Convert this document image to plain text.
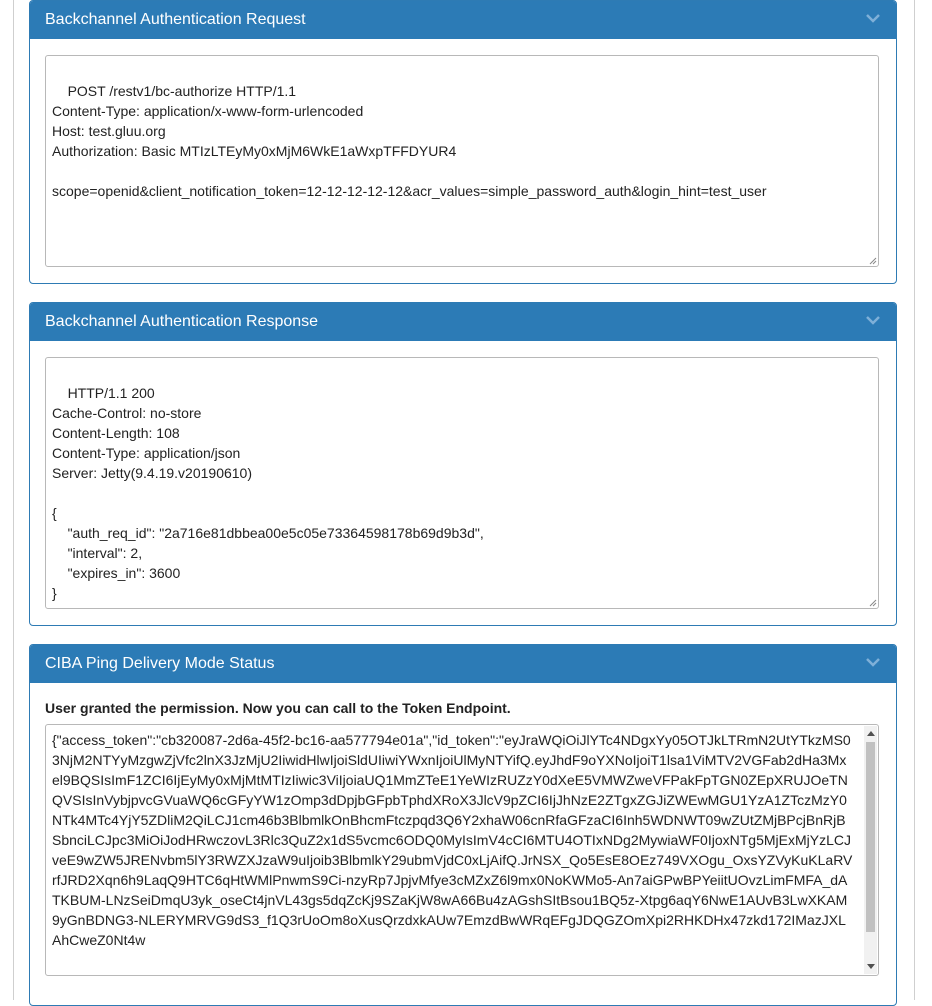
Backchannel Authentication Request

POST /restv1/bc-authorize HTTP/1.1
Content-Type: application/x-www-form-urlencoded
Host: test.gluu.org
Authorization: Basic MTIzLTEyMy0xMjM6WkE1aWxpTFFDYUR4

scope=openid&client_notification_token=12-12-12-12-12&acr_values=simple_password_auth&login_hint=test_user

Backchannel Authentication Response

HTTP/1.1 200
Cache-Control: no-store
Content-Length: 108
Content-Type: application/json
Server: Jetty(9.4.19.v20190610)

{
"auth_req_id": "2a716e81dbbea00e5c05e73364598178b69d9b3d",
"interval": 2,
"expires_in": 3600
}

CIBA Ping Delivery Mode Status
User granted the permission. Now you can call to the Token Endpoint.
{"access_token":"cb320087-2d6a-45f2-bc16-aa577794e01a","id_token":"eyJraWQiOiJlYTc4NDgxYy05OTJkLTRmN2UtYTkzMS03NjM2NTYyMzgwZjVfc2lnX3JzMjU2IiwidHlwIjoiSldUIiwiYWxnIjoiUlMyNTYifQ.eyJhdF9oYXNoIjoiT1lsa1ViMTV2VGFab2dHa3Mxel9BQSIsImF1ZCI6IjEyMy0xMjMtMTIzIiwic3ViIjoiaUQ1MmZTeE1YeWIzRUZzY0dXeE5VMWZweVFPakFpTGN0ZEpXRUJOeTNQVSIsInVybjpvcGVuaWQ6cGFyYW1zOmp3dDpjbGFpbTphdXRoX3JlcV9pZCI6IjJhNzE2ZTgxZGJiZWEwMGU1YzA1ZTczMzY0NTk4MTc4YjY5ZDliM2QiLCJ1cm46b3BlbmlkOnBhcmFtczpqd3Q6Y2xhaW06cnRfaGFzaCI6Inh5WDNWT09wZUtZMjBPcjBnRjBSbnciLCJpc3MiOiJodHRwczovL3Rlc3QuZ2x1dS5vcmc6ODQ0MyIsImV4cCI6MTU4OTIxNDg2MywiaWF0IjoxNTg5MjExMjYzLCJveE9wZW5JRENvbm5lY3RWZXJzaW9uIjoib3BlbmlkY29ubmVjdC0xLjAifQ.JrNSX_Qo5EsE8OEz749VXOgu_OxsYZVyKuKLaRVrfJRD2Xqn6h9LaqQ9HTC6qHtWMlPnwmS9Ci-nzyRp7JpjvMfye3cMZxZ6l9mx0NoKWMo5-An7aiGPwBPYeiitUOvzLimFMFA_dATKBUM-LNzSeiDmqU3yk_oseCt4jnVL43gs5dqZcKj9SZaKjW8wA66Bu4zAGshSItBsou1BQ5z-Xtpg6aqY6NwE1AUvB3LwXKAM9yGnBDNG3-NLERYMRVG9dS3_f1Q3rUoOm8oXusQrzdxkAUw7EmzdBwWRqEFgJDQGZOmXpi2RHKDHx47zkd172IMazJXLAhCweZ0Nt4w
